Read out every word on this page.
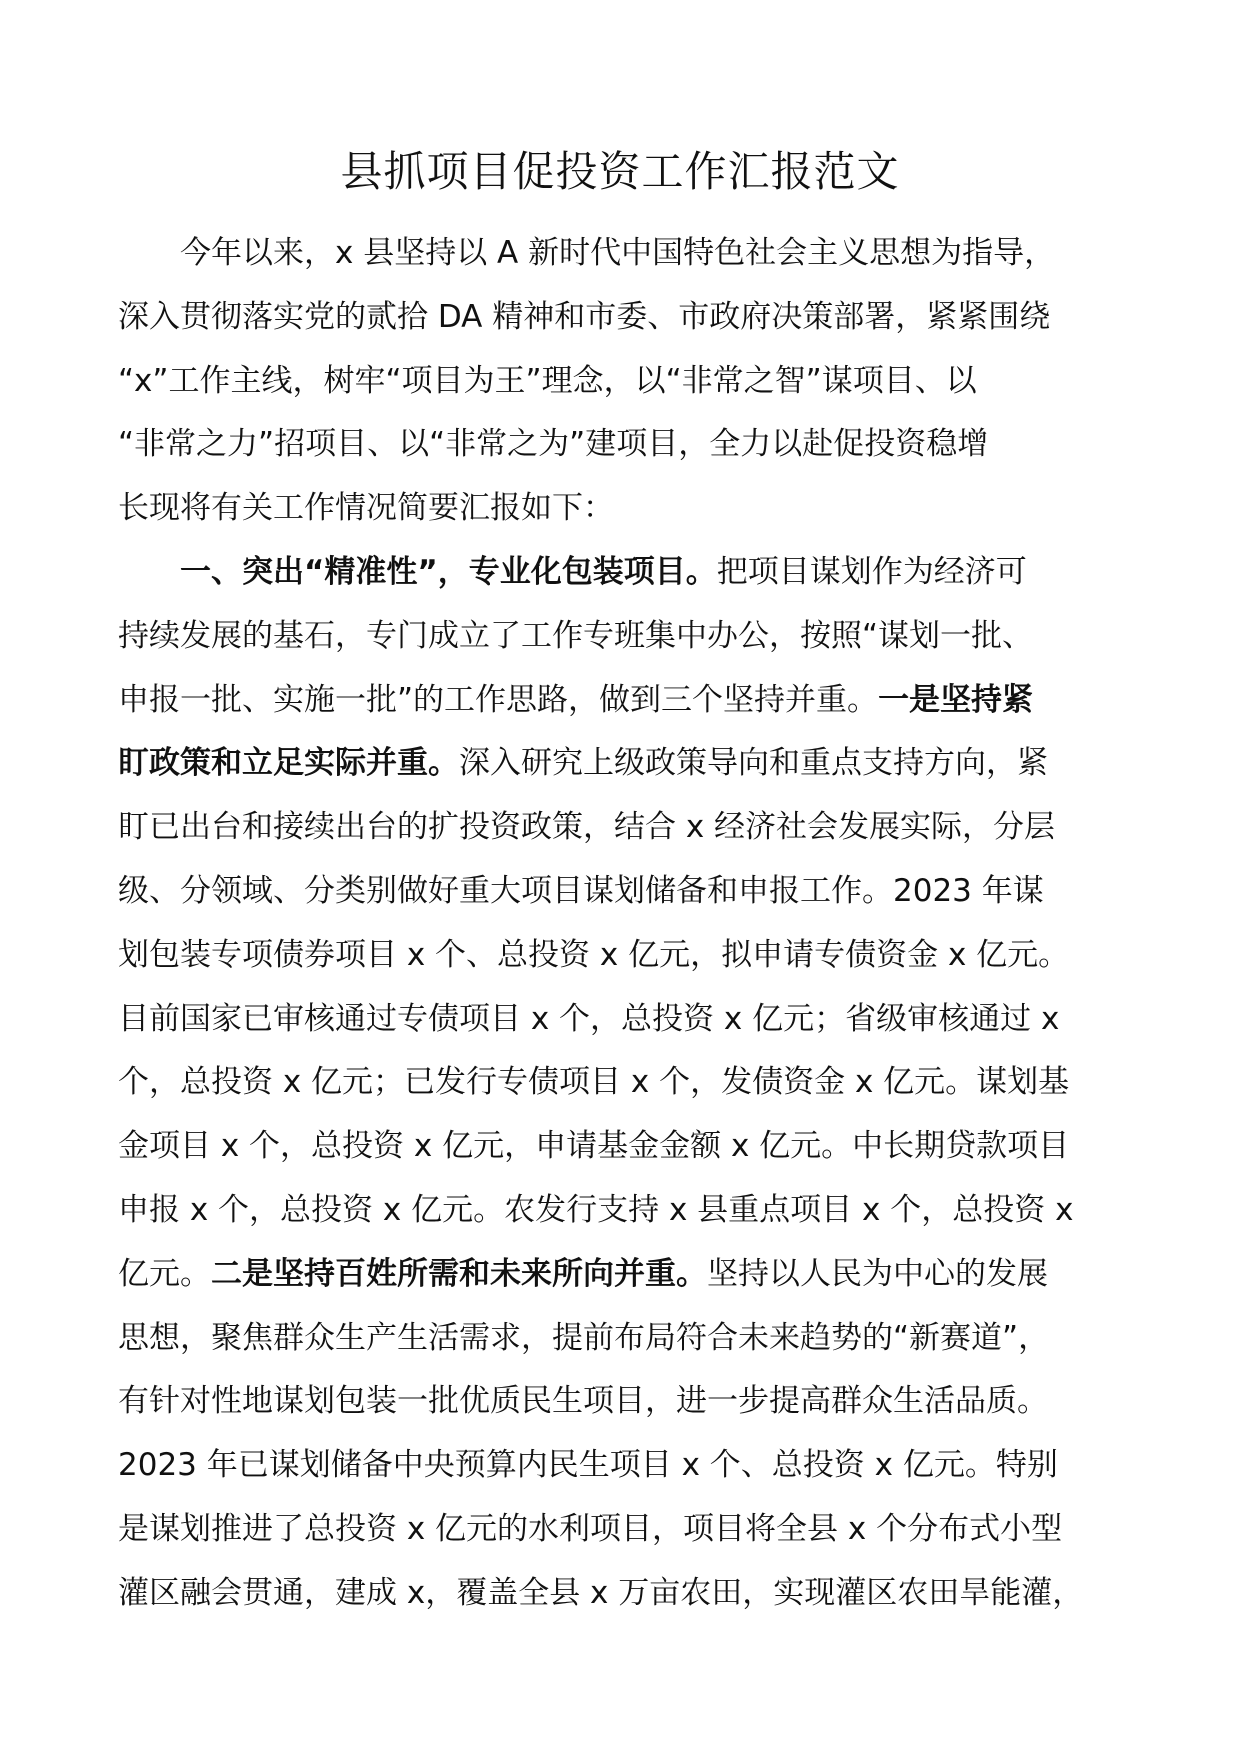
县抓项目促投资工作汇报范文
今年以来，x 县坚持以 A 新时代中国特色社会主义思想为指导，
深入贯彻落实党的贰拾 DA 精神和市委、市政府决策部署，紧紧围绕
“x”工作主线，树牢“项目为王”理念，以“非常之智”谋项目、以
“非常之力”招项目、以“非常之为”建项目，全力以赴促投资稳增
长现将有关工作情况简要汇报如下：
一、突出“精准性”，专业化包装项目。把项目谋划作为经济可
持续发展的基石，专门成立了工作专班集中办公，按照“谋划一批、
申报一批、实施一批”的工作思路，做到三个坚持并重。一是坚持紧
盯政策和立足实际并重。深入研究上级政策导向和重点支持方向，紧
盯已出台和接续出台的扩投资政策，结合 x 经济社会发展实际，分层
级、分领域、分类别做好重大项目谋划储备和申报工作。2023 年谋
划包装专项债券项目 x 个、总投资 x 亿元，拟申请专债资金 x 亿元。
目前国家已审核通过专债项目 x 个，总投资 x 亿元；省级审核通过 x
个，总投资 x 亿元；已发行专债项目 x 个，发债资金 x 亿元。谋划基
金项目 x 个，总投资 x 亿元，申请基金金额 x 亿元。中长期贷款项目
申报 x 个，总投资 x 亿元。农发行支持 x 县重点项目 x 个，总投资 x
亿元。二是坚持百姓所需和未来所向并重。坚持以人民为中心的发展
思想，聚焦群众生产生活需求，提前布局符合未来趋势的“新赛道”，
有针对性地谋划包装一批优质民生项目，进一步提高群众生活品质。
2023 年已谋划储备中央预算内民生项目 x 个、总投资 x 亿元。特别
是谋划推进了总投资 x 亿元的水利项目，项目将全县 x 个分布式小型
灌区融会贯通，建成 x，覆盖全县 x 万亩农田，实现灌区农田旱能灌，
